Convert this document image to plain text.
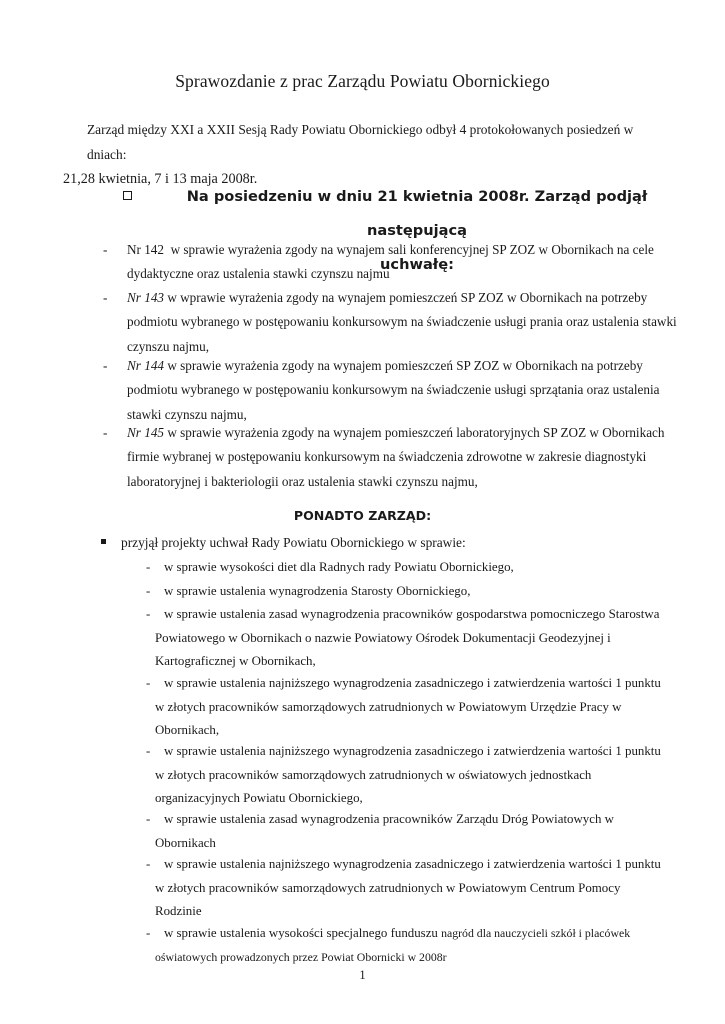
Sprawozdanie z prac Zarządu Powiatu Obornickiego
Zarząd między XXI a XXII Sesją Rady Powiatu Obornickiego odbył 4 protokołowanych posiedzeń w dniach:
21,28 kwietnia, 7 i 13 maja 2008r.
Na posiedzeniu w dniu 21 kwietnia 2008r. Zarząd podjął następującą
uchwałę:
- Nr 142 w sprawie wyrażenia zgody na wynajem sali konferencyjnej SP ZOZ w Obornikach na cele
dydaktyczne oraz ustalenia stawki czynszu najmu
- Nr 143 w wprawie wyrażenia zgody na wynajem pomieszczeń SP ZOZ w Obornikach na potrzeby
podmiotu wybranego w postępowaniu konkursowym na świadczenie usługi prania oraz ustalenia stawki
czynszu najmu,
- Nr 144 w sprawie wyrażenia zgody na wynajem pomieszczeń SP ZOZ w Obornikach na potrzeby
podmiotu wybranego w postępowaniu konkursowym na świadczenie usługi sprzątania oraz ustalenia
stawki czynszu najmu,
- Nr 145 w sprawie wyrażenia zgody na wynajem pomieszczeń laboratoryjnych SP ZOZ w Obornikach
firmie wybranej w postępowaniu konkursowym na świadczenia zdrowotne w zakresie diagnostyki
laboratoryjnej i bakteriologii oraz ustalenia stawki czynszu najmu,
PONADTO ZARZĄD:
przyjął projekty uchwał Rady Powiatu Obornickiego w sprawie:
-	w sprawie wysokości diet dla Radnych rady Powiatu Obornickiego,
-	w sprawie ustalenia wynagrodzenia Starosty Obornickiego,
-	w sprawie ustalenia zasad wynagrodzenia pracowników gospodarstwa pomocniczego Starostwa
Powiatowego w Obornikach o nazwie Powiatowy Ośrodek Dokumentacji Geodezyjnej i
Kartograficznej w Obornikach,
-	w sprawie ustalenia najniższego wynagrodzenia zasadniczego i zatwierdzenia wartości 1 punktu
w złotych pracowników samorządowych zatrudnionych w Powiatowym Urzędzie Pracy w
Obornikach,
-	w sprawie ustalenia najniższego wynagrodzenia zasadniczego i zatwierdzenia wartości 1 punktu
w złotych pracowników samorządowych zatrudnionych w oświatowych jednostkach
organizacyjnych Powiatu Obornickiego,
-	w sprawie ustalenia zasad wynagrodzenia pracowników Zarządu Dróg Powiatowych w
Obornikach
-	w sprawie ustalenia najniższego wynagrodzenia zasadniczego i zatwierdzenia wartości 1 punktu
w złotych pracowników samorządowych zatrudnionych w Powiatowym Centrum Pomocy
Rodzinie
-	w sprawie ustalenia wysokości specjalnego funduszu nagród dla nauczycieli szkół i placówek
oświatowych prowadzonych przez Powiat Obornicki w 2008r
1
